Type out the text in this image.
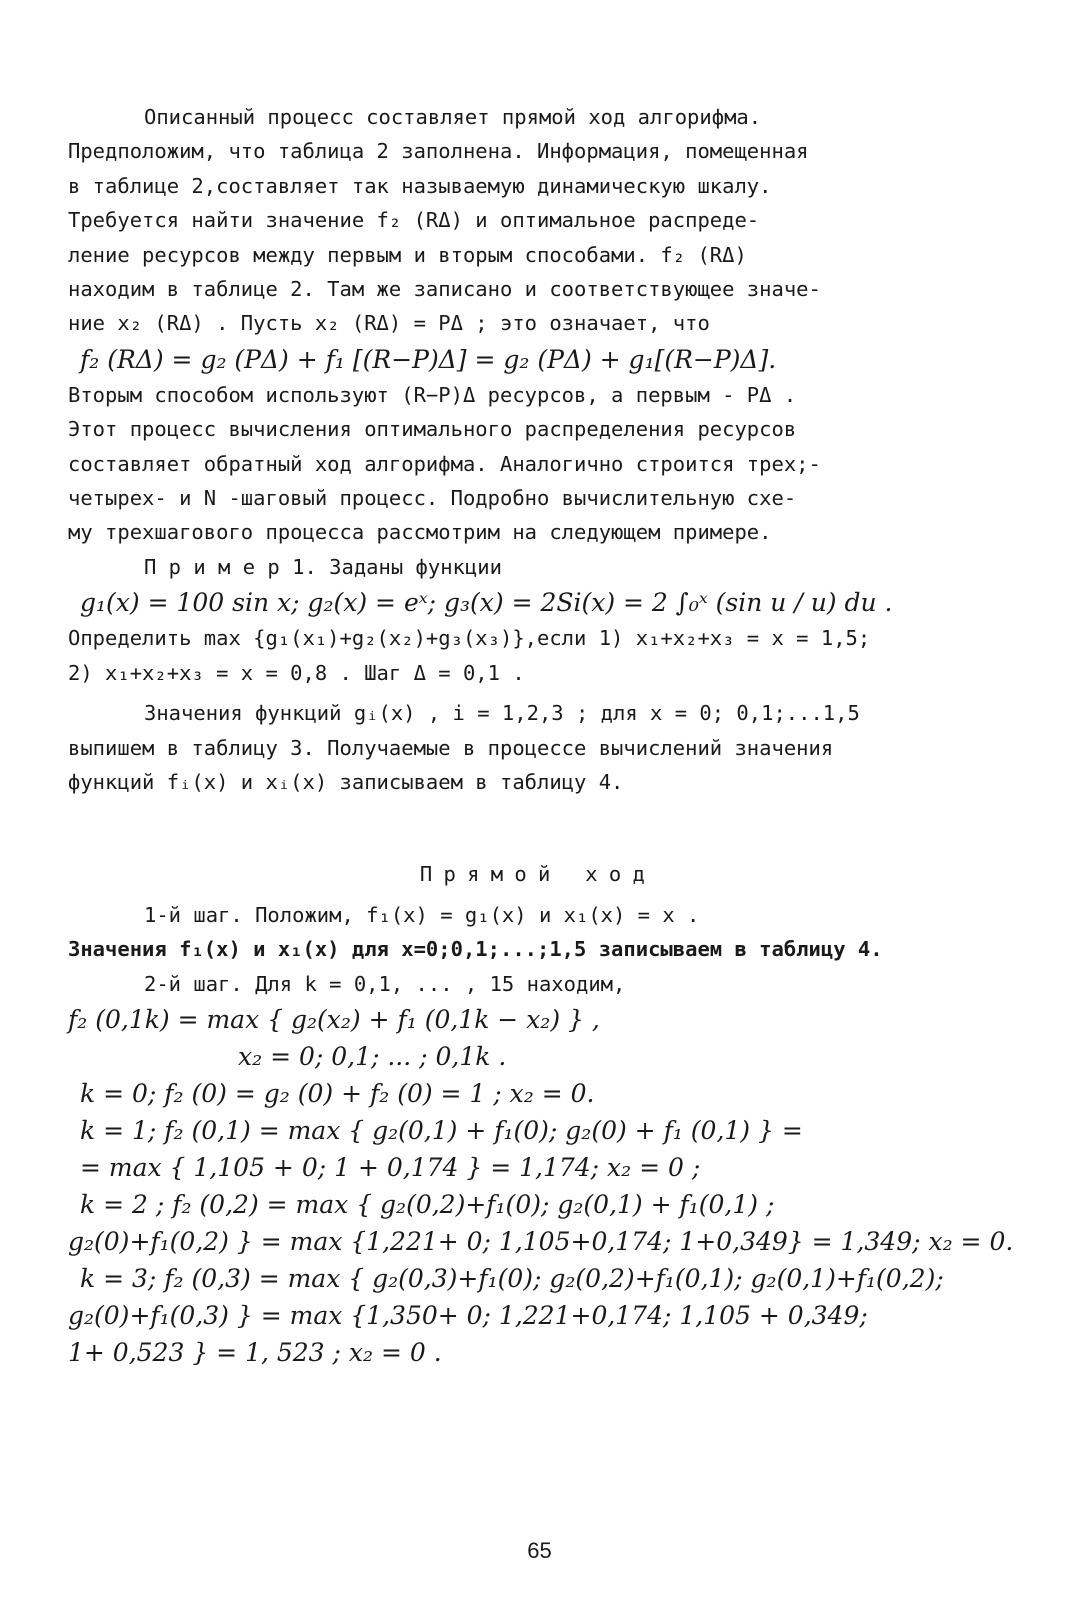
Описанный процесс составляет прямой ход алгорифма.
Предположим, что таблица 2 заполнена. Информация, помещенная
в таблице 2,составляет так называемую динамическую шкалу.
Требуется найти значение f₂ (RΔ) и оптимальное распреде-
ление ресурсов между первым и вторым способами. f₂ (RΔ)
находим в таблице 2. Там же записано и соответствующее значе-
ние x₂ (RΔ) . Пусть x₂ (RΔ) = PΔ ; это означает, что
f₂ (RΔ) = g₂ (PΔ) + f₁ [(R−P)Δ] = g₂ (PΔ) + g₁[(R−P)Δ].
Вторым способом используют (R−P)Δ ресурсов, а первым - PΔ .
Этот процесс вычисления оптимального распределения ресурсов
составляет обратный ход алгорифма. Аналогично строится трех;-
четырех- и N -шаговый процесс. Подробно вычислительную схе-
му трехшагового процесса рассмотрим на следующем примере.
П р и м е р 1. Заданы функции
g₁(x) = 100 sin x; g₂(x) = eˣ; g₃(x) = 2Si(x) = 2 ∫₀ˣ (sin u / u) du .
Определить max {g₁(x₁)+g₂(x₂)+g₃(x₃)},если 1) x₁+x₂+x₃ = x = 1,5;
2) x₁+x₂+x₃ = x = 0,8 . Шаг Δ = 0,1 .
Значения функций gᵢ(x) , i = 1,2,3 ; для x = 0; 0,1;...1,5
выпишем в таблицу 3. Получаемые в процессе вычислений значения
функций fᵢ(x) и xᵢ(x) записываем в таблицу 4.
Прямой ход
1-й шаг. Положим, f₁(x) = g₁(x) и x₁(x) = x .
Значения f₁(x) и x₁(x) для x=0;0,1;...;1,5 записываем в таблицу 4.
2-й шаг. Для k = 0,1, ... , 15 находим,
f₂ (0,1k) = max { g₂(x₂) + f₁ (0,1k − x₂) } ,
x₂ = 0; 0,1; ... ; 0,1k .
k = 0; f₂ (0) = g₂ (0) + f₂ (0) = 1 ; x₂ = 0.
k = 1; f₂ (0,1) = max { g₂(0,1) + f₁(0); g₂(0) + f₁ (0,1) } =
= max { 1,105 + 0; 1 + 0,174 } = 1,174; x₂ = 0 ;
k = 2 ; f₂ (0,2) = max { g₂(0,2)+f₁(0); g₂(0,1) + f₁(0,1) ;
g₂(0)+f₁(0,2) } = max {1,221+ 0; 1,105+0,174; 1+0,349} = 1,349; x₂ = 0.
k = 3; f₂ (0,3) = max { g₂(0,3)+f₁(0); g₂(0,2)+f₁(0,1); g₂(0,1)+f₁(0,2);
g₂(0)+f₁(0,3) } = max {1,350+ 0; 1,221+0,174; 1,105 + 0,349;
1+ 0,523 } = 1, 523 ; x₂ = 0 .
65
